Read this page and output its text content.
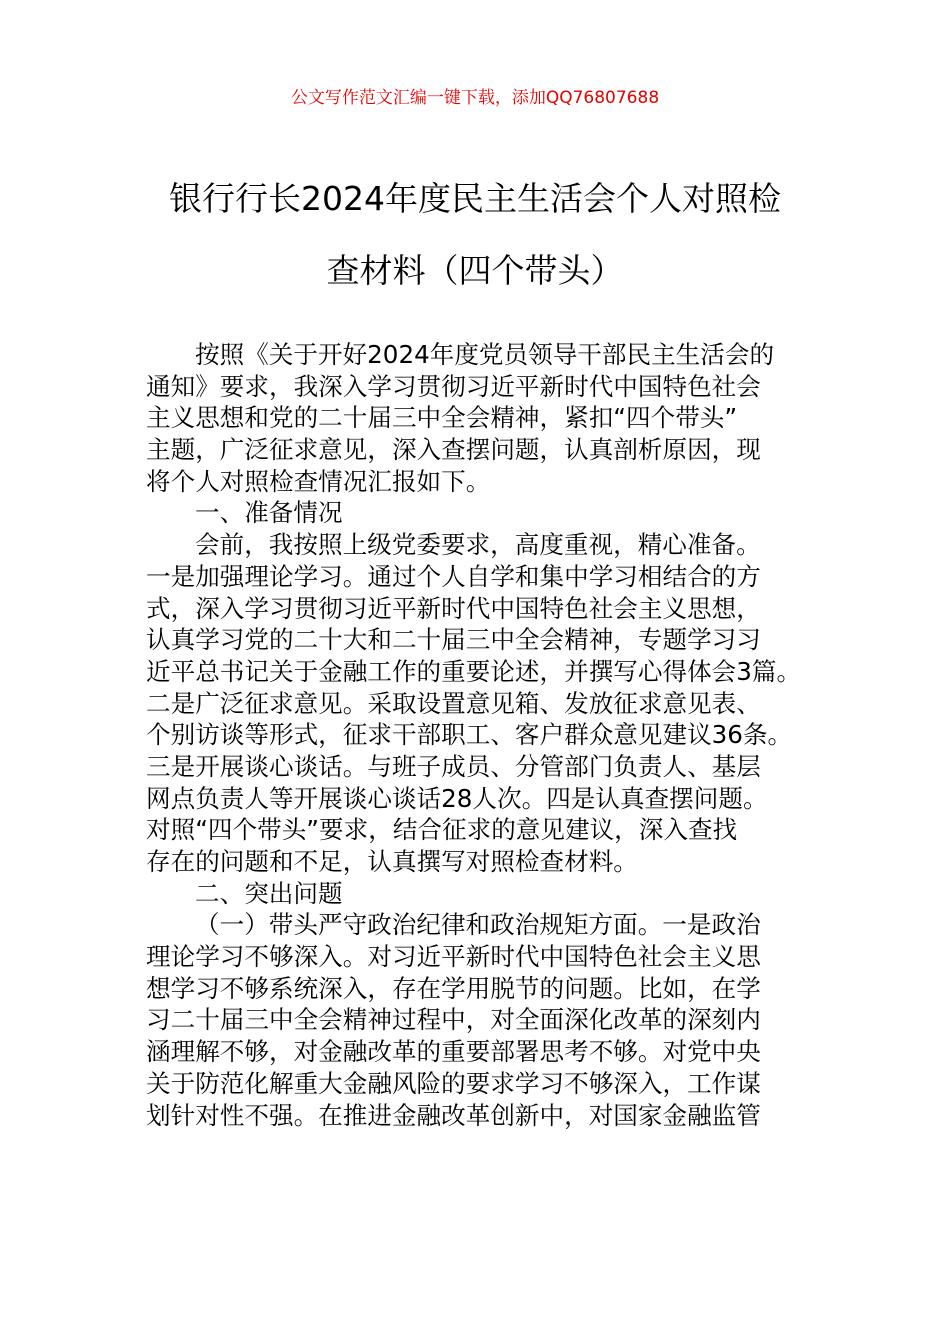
公文写作范文汇编一键下载，添加QQ76807688
银行行长2024年度民主生活会个人对照检
查材料（四个带头）
按照《关于开好2024年度党员领导干部民主生活会的
通知》要求，我深入学习贯彻习近平新时代中国特色社会
主义思想和党的二十届三中全会精神，紧扣“四个带头”
主题，广泛征求意见，深入查摆问题，认真剖析原因，现
将个人对照检查情况汇报如下。
一、准备情况
会前，我按照上级党委要求，高度重视，精心准备。
一是加强理论学习。通过个人自学和集中学习相结合的方
式，深入学习贯彻习近平新时代中国特色社会主义思想，
认真学习党的二十大和二十届三中全会精神，专题学习习
近平总书记关于金融工作的重要论述，并撰写心得体会3篇。
二是广泛征求意见。采取设置意见箱、发放征求意见表、
个别访谈等形式，征求干部职工、客户群众意见建议36条。
三是开展谈心谈话。与班子成员、分管部门负责人、基层
网点负责人等开展谈心谈话28人次。四是认真查摆问题。
对照“四个带头”要求，结合征求的意见建议，深入查找
存在的问题和不足，认真撰写对照检查材料。
二、突出问题
（一）带头严守政治纪律和政治规矩方面。一是政治
理论学习不够深入。对习近平新时代中国特色社会主义思
想学习不够系统深入，存在学用脱节的问题。比如，在学
习二十届三中全会精神过程中，对全面深化改革的深刻内
涵理解不够，对金融改革的重要部署思考不够。对党中央
关于防范化解重大金融风险的要求学习不够深入，工作谋
划针对性不强。在推进金融改革创新中，对国家金融监管
